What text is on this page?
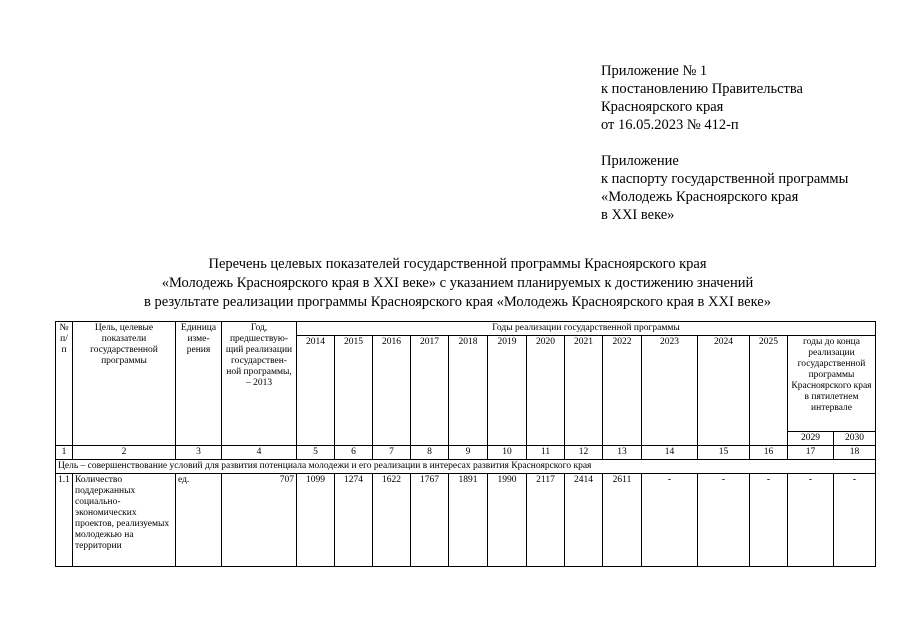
Приложение № 1
к постановлению Правительства
Красноярского края
от 16.05.2023 № 412-п
Приложение
к паспорту государственной программы
«Молодежь Красноярского края
в XXI веке»
Перечень целевых показателей государственной программы Красноярского края
«Молодежь Красноярского края в XXI веке» с указанием планируемых к достижению значений
в результате реализации программы Красноярского края «Молодежь Красноярского края в XXI веке»
№ п/п	Цель, целевые показатели государственной программы	Единица изме-рения	Год, предшествую-щий реализации государствен-ной программы, – 2013	Годы реализации государственной программы													
				2014	2015	2016	2017	2018	2019	2020	2021	2022	2023	2024	2025	годы до конца реализации государственной программы Красноярского края в пятилетнем интервале	
																2029	2030
1	2	3	4	5	6	7	8	9	10	11	12	13	14	15	16	17	18
Цель – совершенствование условий для развития потенциала молодежи и его реализации в интересах развития Красноярского края																	
1.1	Количество поддержанных социально-экономических проектов, реализуемых молодежью на территории	ед.	707	1099	1274	1622	1767	1891	1990	2117	2414	2611	-	-	-	-	-
